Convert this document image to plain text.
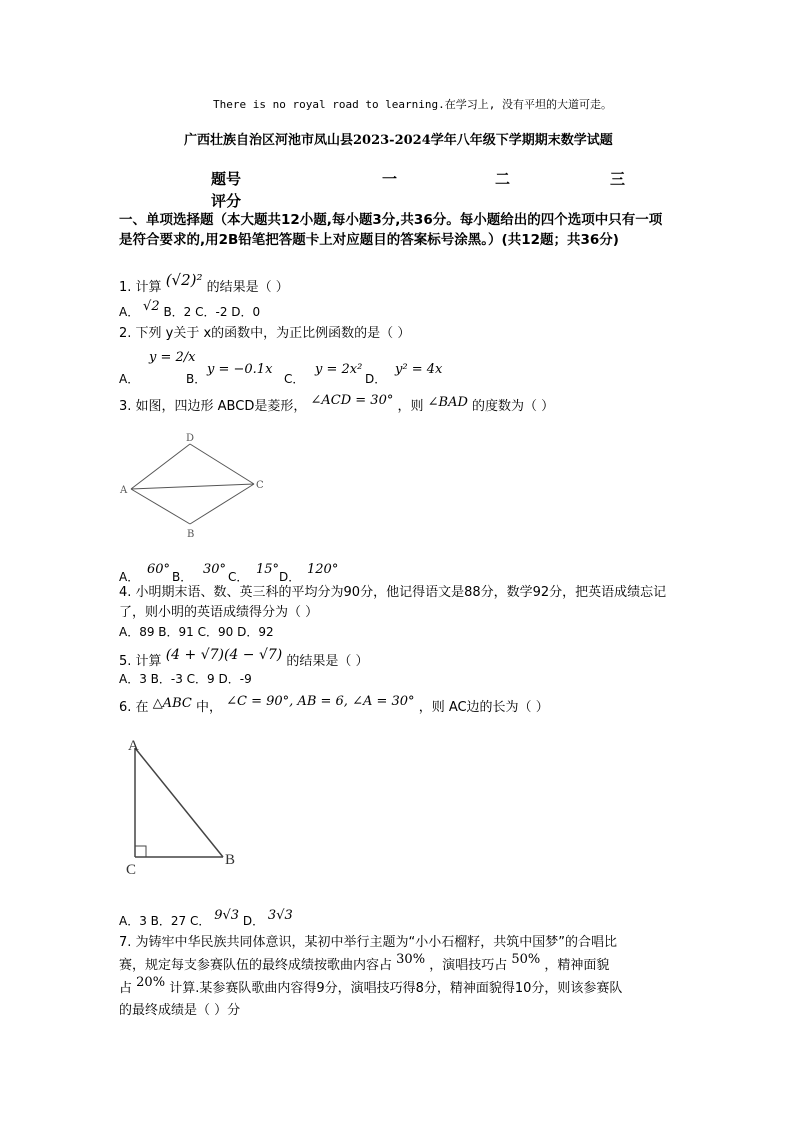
There is no royal road to learning.在学习上, 没有平坦的大道可走。
广西壮族自治区河池市凤山县2023-2024学年八年级下学期期末数学试题
题号	一	二	三
评分
一、单项选择题（本大题共12小题,每小题3分,共36分。每小题给出的四个选项中只有一项是符合要求的,用2B铅笔把答题卡上对应题目的答案标号涂黑。）(共12题；共36分)
1. 计算 (√2)² 的结果是（ ）
A． √2 B．2 C．-2 D．0
2. 下列 y关于 x的函数中，为正比例函数的是（ ）
A．
y = 2/x
B．
y = −0.1x
C．
y = 2x²
D．
y² = 4x
3. 如图，四边形 ABCD是菱形， ∠ACD = 30° ，则 ∠BAD 的度数为（ ）
A
D
C
B
A． 60° B． 30° C． 15° D． 120°
4. 小明期末语、数、英三科的平均分为90分，他记得语文是88分，数学92分，把英语成绩忘记了，则小明的英语成绩得分为（ ）
A．89 B．91 C．90 D．92
5. 计算 (4 + √7)(4 − √7) 的结果是（ ）
A．3 B．-3 C．9 D．-9
6. 在 △ABC 中， ∠C = 90°, AB = 6, ∠A = 30° ，则 AC边的长为（ ）
A
C
B
A．3 B．27 C． 9√3 D． 3√3
7. 为铸牢中华民族共同体意识，某初中举行主题为“小小石榴籽，共筑中国梦”的合唱比
赛，规定每支参赛队伍的最终成绩按歌曲内容占 30% ，演唱技巧占 50% ，精神面貌
占 20% 计算.某参赛队歌曲内容得9分，演唱技巧得8分，精神面貌得10分，则该参赛队
的最终成绩是（ ）分
